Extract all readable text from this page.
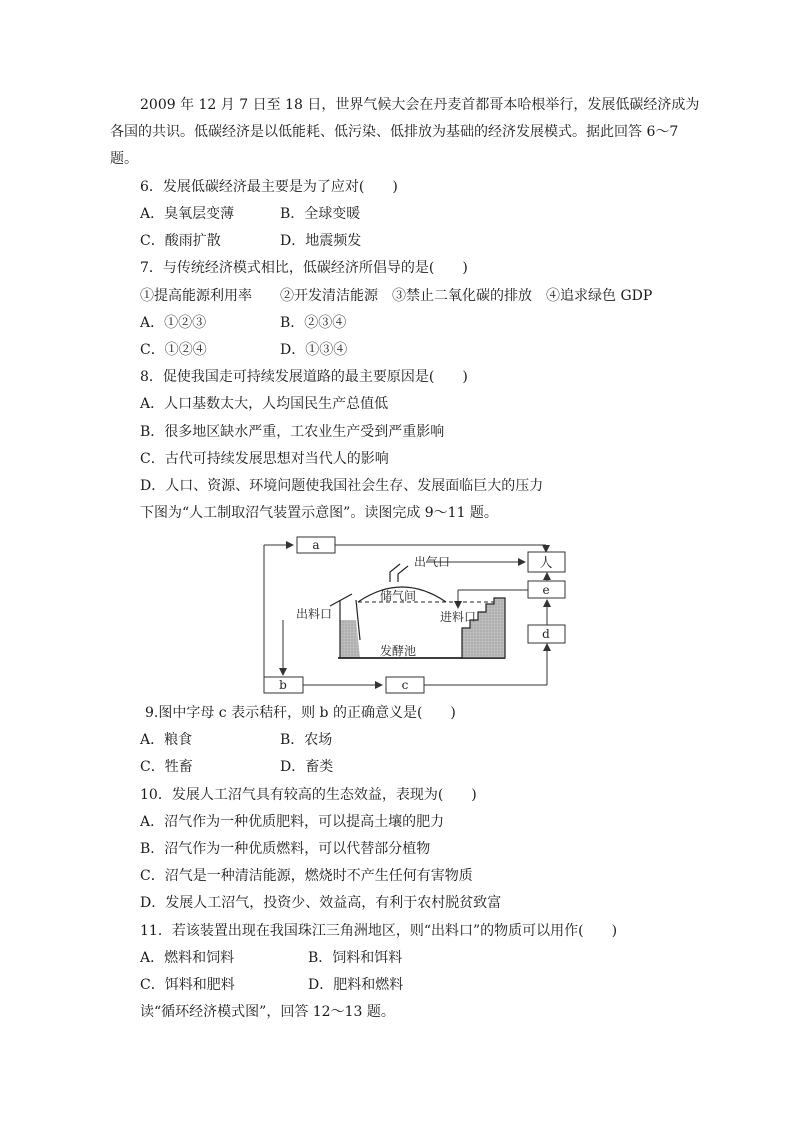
2009 年 12 月 7 日至 18 日，世界气候大会在丹麦首都哥本哈根举行，发展低碳经济成为
各国的共识。低碳经济是以低能耗、低污染、低排放为基础的经济发展模式。据此回答 6～7
题。
6．发展低碳经济最主要是为了应对(　　)
A．臭氧层变薄	B．全球变暖
C．酸雨扩散	D．地震频发
7．与传统经济模式相比，低碳经济所倡导的是(　　)
①提高能源利用率　　②开发清洁能源　③禁止二氧化碳的排放　④追求绿色 GDP
A．①②③	B．②③④
C．①②④	D．①③④
8．促使我国走可持续发展道路的最主要原因是(　　)
A．人口基数太大，人均国民生产总值低
B．很多地区缺水严重，工农业生产受到严重影响
C．古代可持续发展思想对当代人的影响
D．人口、资源、环境问题使我国社会生存、发展面临巨大的压力
下图为“人工制取沼气装置示意图”。读图完成 9～11 题。
a
人
e
d
b	c
出气口
储气间
出料口	进料口
发酵池
9.图中字母 c 表示秸秆，则 b 的正确意义是(　　)
A．粮食	B．农场
C．牲畜	D．畜类
10．发展人工沼气具有较高的生态效益，表现为(　　)
A．沼气作为一种优质肥料，可以提高土壤的肥力
B．沼气作为一种优质燃料，可以代替部分植物
C．沼气是一种清洁能源，燃烧时不产生任何有害物质
D．发展人工沼气，投资少、效益高，有利于农村脱贫致富
11．若该装置出现在我国珠江三角洲地区，则“出料口”的物质可以用作(　　)
A．燃料和饲料	B．饲料和饵料
C．饵料和肥料	D．肥料和燃料
读“循环经济模式图”，回答 12～13 题。
